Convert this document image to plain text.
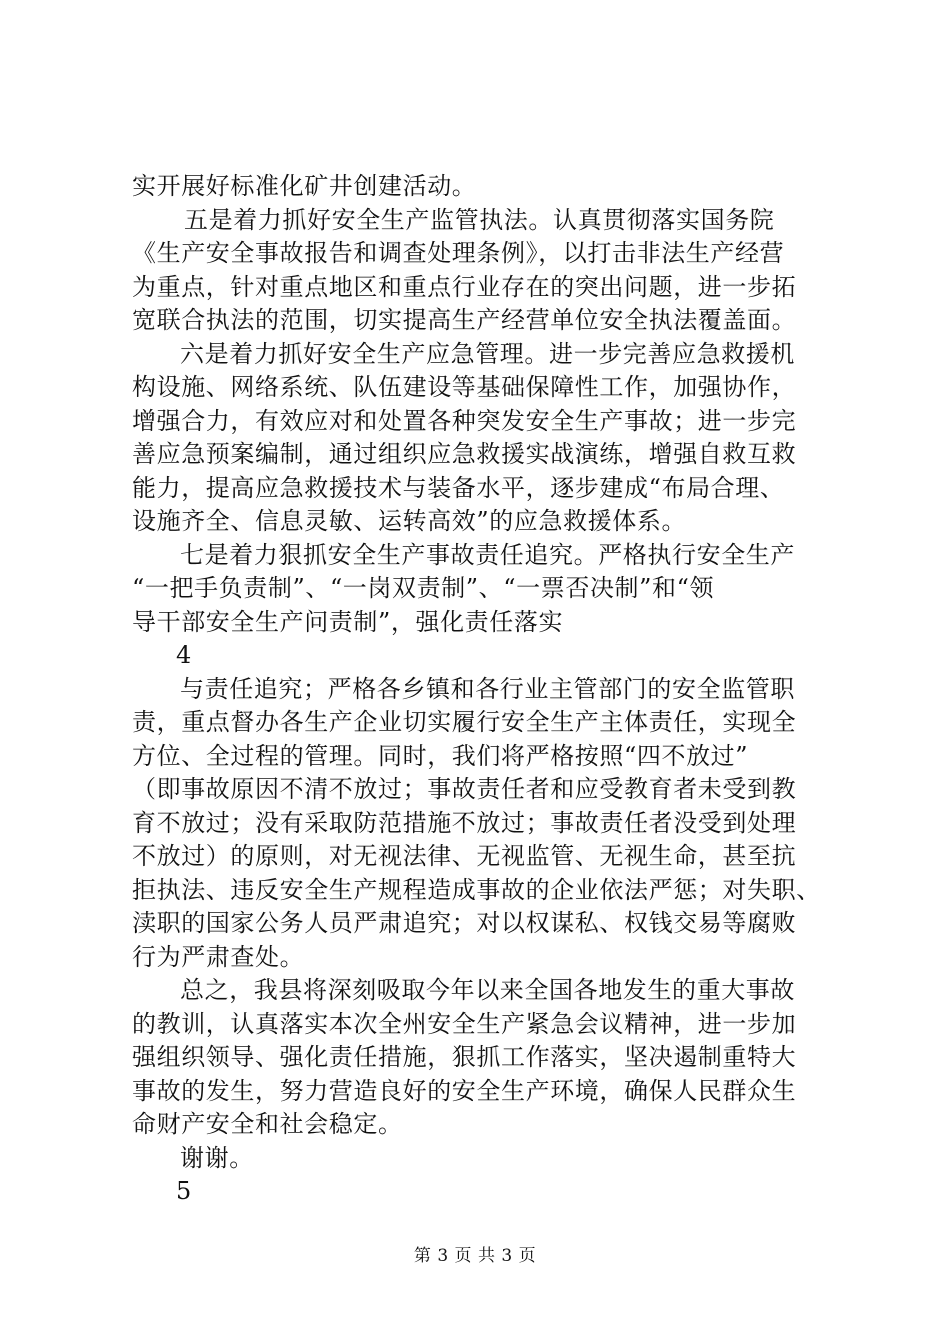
实开展好标准化矿井创建活动。
五是着力抓好安全生产监管执法。认真贯彻落实国务院
《生产安全事故报告和调查处理条例》，以打击非法生产经营
为重点，针对重点地区和重点行业存在的突出问题，进一步拓
宽联合执法的范围，切实提高生产经营单位安全执法覆盖面。
六是着力抓好安全生产应急管理。进一步完善应急救援机
构设施、网络系统、队伍建设等基础保障性工作，加强协作，
增强合力，有效应对和处置各种突发安全生产事故；进一步完
善应急预案编制，通过组织应急救援实战演练，增强自救互救
能力，提高应急救援技术与装备水平，逐步建成“布局合理、
设施齐全、信息灵敏、运转高效”的应急救援体系。
七是着力狠抓安全生产事故责任追究。严格执行安全生产
“一把手负责制”、“一岗双责制”、“一票否决制”和“领
导干部安全生产问责制”，强化责任落实
4
与责任追究；严格各乡镇和各行业主管部门的安全监管职
责，重点督办各生产企业切实履行安全生产主体责任，实现全
方位、全过程的管理。同时，我们将严格按照“四不放过”
（即事故原因不清不放过；事故责任者和应受教育者未受到教
育不放过；没有采取防范措施不放过；事故责任者没受到处理
不放过）的原则，对无视法律、无视监管、无视生命，甚至抗
拒执法、违反安全生产规程造成事故的企业依法严惩；对失职、
渎职的国家公务人员严肃追究；对以权谋私、权钱交易等腐败
行为严肃查处。
总之，我县将深刻吸取今年以来全国各地发生的重大事故
的教训，认真落实本次全州安全生产紧急会议精神，进一步加
强组织领导、强化责任措施，狠抓工作落实，坚决遏制重特大
事故的发生，努力营造良好的安全生产环境，确保人民群众生
命财产安全和社会稳定。
谢谢。
5
第 3 页 共 3 页
